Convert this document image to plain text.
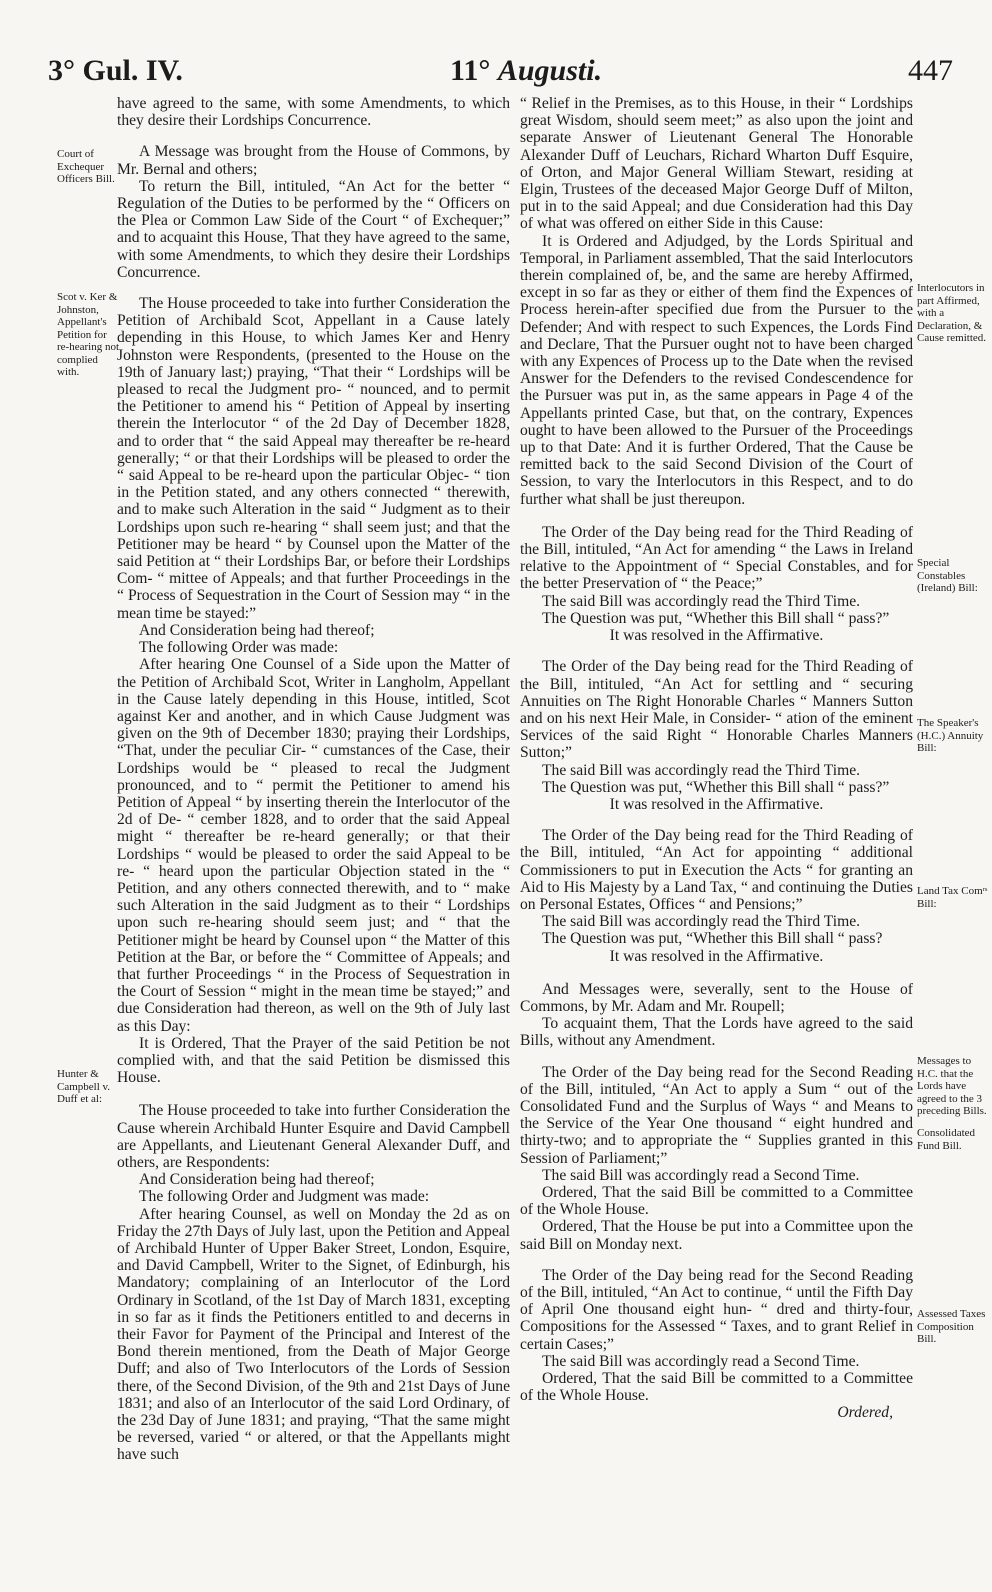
3° Gul. IV.	11° Augusti.	447
Court of Exchequer Officers Bill.
Scot v. Ker & Johnston, Appellant's Petition for re-hearing not complied with.
Hunter & Campbell v. Duff et al:
Interlocutors in part Affirmed, with a Declaration, & Cause remitted.
Special Constables (Ireland) Bill:
The Speaker's (H.C.) Annuity Bill:
Land Tax Comʳˢ Bill:
Messages to H.C. that the Lords have agreed to the 3 preceding Bills.
Consolidated Fund Bill.
Assessed Taxes Composition Bill.

have agreed to the same, with some Amendments, to which they desire their Lordships Concurrence.

A Message was brought from the House of Commons, by Mr. Bernal and others;

To return the Bill, intituled, “An Act for the better “ Regulation of the Duties to be performed by the “ Officers on the Plea or Common Law Side of the Court “ of Exchequer;” and to acquaint this House, That they have agreed to the same, with some Amendments, to which they desire their Lordships Concurrence.

The House proceeded to take into further Consideration the Petition of Archibald Scot, Appellant in a Cause lately depending in this House, to which James Ker and Henry Johnston were Respondents, (presented to the House on the 19th of January last;) praying, “That their “ Lordships will be pleased to recal the Judgment pro- “ nounced, and to permit the Petitioner to amend his “ Petition of Appeal by inserting therein the Interlocutor “ of the 2d Day of December 1828, and to order that “ the said Appeal may thereafter be re-heard generally; “ or that their Lordships will be pleased to order the “ said Appeal to be re-heard upon the particular Objec- “ tion in the Petition stated, and any others connected “ therewith, and to make such Alteration in the said “ Judgment as to their Lordships upon such re-hearing “ shall seem just; and that the Petitioner may be heard “ by Counsel upon the Matter of the said Petition at “ their Lordships Bar, or before their Lordships Com- “ mittee of Appeals; and that further Proceedings in the “ Process of Sequestration in the Court of Session may “ in the mean time be stayed:”

And Consideration being had thereof;

The following Order was made:

After hearing One Counsel of a Side upon the Matter of the Petition of Archibald Scot, Writer in Langholm, Appellant in the Cause lately depending in this House, intitled, Scot against Ker and another, and in which Cause Judgment was given on the 9th of December 1830; praying their Lordships, “That, under the peculiar Cir- “ cumstances of the Case, their Lordships would be “ pleased to recal the Judgment pronounced, and to “ permit the Petitioner to amend his Petition of Appeal “ by inserting therein the Interlocutor of the 2d of De- “ cember 1828, and to order that the said Appeal might “ thereafter be re-heard generally; or that their Lordships “ would be pleased to order the said Appeal to be re- “ heard upon the particular Objection stated in the “ Petition, and any others connected therewith, and to “ make such Alteration in the said Judgment as to their “ Lordships upon such re-hearing should seem just; and “ that the Petitioner might be heard by Counsel upon “ the Matter of this Petition at the Bar, or before the “ Committee of Appeals; and that further Proceedings “ in the Process of Sequestration in the Court of Session “ might in the mean time be stayed;” and due Consideration had thereon, as well on the 9th of July last as this Day:

It is Ordered, That the Prayer of the said Petition be not complied with, and that the said Petition be dismissed this House.

The House proceeded to take into further Consideration the Cause wherein Archibald Hunter Esquire and David Campbell are Appellants, and Lieutenant General Alexander Duff, and others, are Respondents:

And Consideration being had thereof;

The following Order and Judgment was made:

After hearing Counsel, as well on Monday the 2d as on Friday the 27th Days of July last, upon the Petition and Appeal of Archibald Hunter of Upper Baker Street, London, Esquire, and David Campbell, Writer to the Signet, of Edinburgh, his Mandatory; complaining of an Interlocutor of the Lord Ordinary in Scotland, of the 1st Day of March 1831, excepting in so far as it finds the Petitioners entitled to and decerns in their Favor for Payment of the Principal and Interest of the Bond therein mentioned, from the Death of Major George Duff; and also of Two Interlocutors of the Lords of Session there, of the Second Division, of the 9th and 21st Days of June 1831; and also of an Interlocutor of the said Lord Ordinary, of the 23d Day of June 1831; and praying, “That the same might be reversed, varied “ or altered, or that the Appellants might have such

“ Relief in the Premises, as to this House, in their “ Lordships great Wisdom, should seem meet;” as also upon the joint and separate Answer of Lieutenant General The Honorable Alexander Duff of Leuchars, Richard Wharton Duff Esquire, of Orton, and Major General William Stewart, residing at Elgin, Trustees of the deceased Major George Duff of Milton, put in to the said Appeal; and due Consideration had this Day of what was offered on either Side in this Cause:

It is Ordered and Adjudged, by the Lords Spiritual and Temporal, in Parliament assembled, That the said Interlocutors therein complained of, be, and the same are hereby Affirmed, except in so far as they or either of them find the Expences of Process herein-after specified due from the Pursuer to the Defender; And with respect to such Expences, the Lords Find and Declare, That the Pursuer ought not to have been charged with any Expences of Process up to the Date when the revised Answer for the Defenders to the revised Condescendence for the Pursuer was put in, as the same appears in Page 4 of the Appellants printed Case, but that, on the contrary, Expences ought to have been allowed to the Pursuer of the Proceedings up to that Date: And it is further Ordered, That the Cause be remitted back to the said Second Division of the Court of Session, to vary the Interlocutors in this Respect, and to do further what shall be just thereupon.

The Order of the Day being read for the Third Reading of the Bill, intituled, “An Act for amending “ the Laws in Ireland relative to the Appointment of “ Special Constables, and for the better Preservation of “ the Peace;”

The said Bill was accordingly read the Third Time.

The Question was put, “Whether this Bill shall “ pass?”

It was resolved in the Affirmative.

The Order of the Day being read for the Third Reading of the Bill, intituled, “An Act for settling and “ securing Annuities on The Right Honorable Charles “ Manners Sutton and on his next Heir Male, in Consider- “ ation of the eminent Services of the said Right “ Honorable Charles Manners Sutton;”

The said Bill was accordingly read the Third Time.

The Question was put, “Whether this Bill shall “ pass?”

It was resolved in the Affirmative.

The Order of the Day being read for the Third Reading of the Bill, intituled, “An Act for appointing “ additional Commissioners to put in Execution the Acts “ for granting an Aid to His Majesty by a Land Tax, “ and continuing the Duties on Personal Estates, Offices “ and Pensions;”

The said Bill was accordingly read the Third Time.

The Question was put, “Whether this Bill shall “ pass?

It was resolved in the Affirmative.

And Messages were, severally, sent to the House of Commons, by Mr. Adam and Mr. Roupell;

To acquaint them, That the Lords have agreed to the said Bills, without any Amendment.

The Order of the Day being read for the Second Reading of the Bill, intituled, “An Act to apply a Sum “ out of the Consolidated Fund and the Surplus of Ways “ and Means to the Service of the Year One thousand “ eight hundred and thirty-two; and to appropriate the “ Supplies granted in this Session of Parliament;”

The said Bill was accordingly read a Second Time.

Ordered, That the said Bill be committed to a Committee of the Whole House.

Ordered, That the House be put into a Committee upon the said Bill on Monday next.

The Order of the Day being read for the Second Reading of the Bill, intituled, “An Act to continue, “ until the Fifth Day of April One thousand eight hun- “ dred and thirty-four, Compositions for the Assessed “ Taxes, and to grant Relief in certain Cases;”

The said Bill was accordingly read a Second Time.

Ordered, That the said Bill be committed to a Committee of the Whole House.

Ordered,
